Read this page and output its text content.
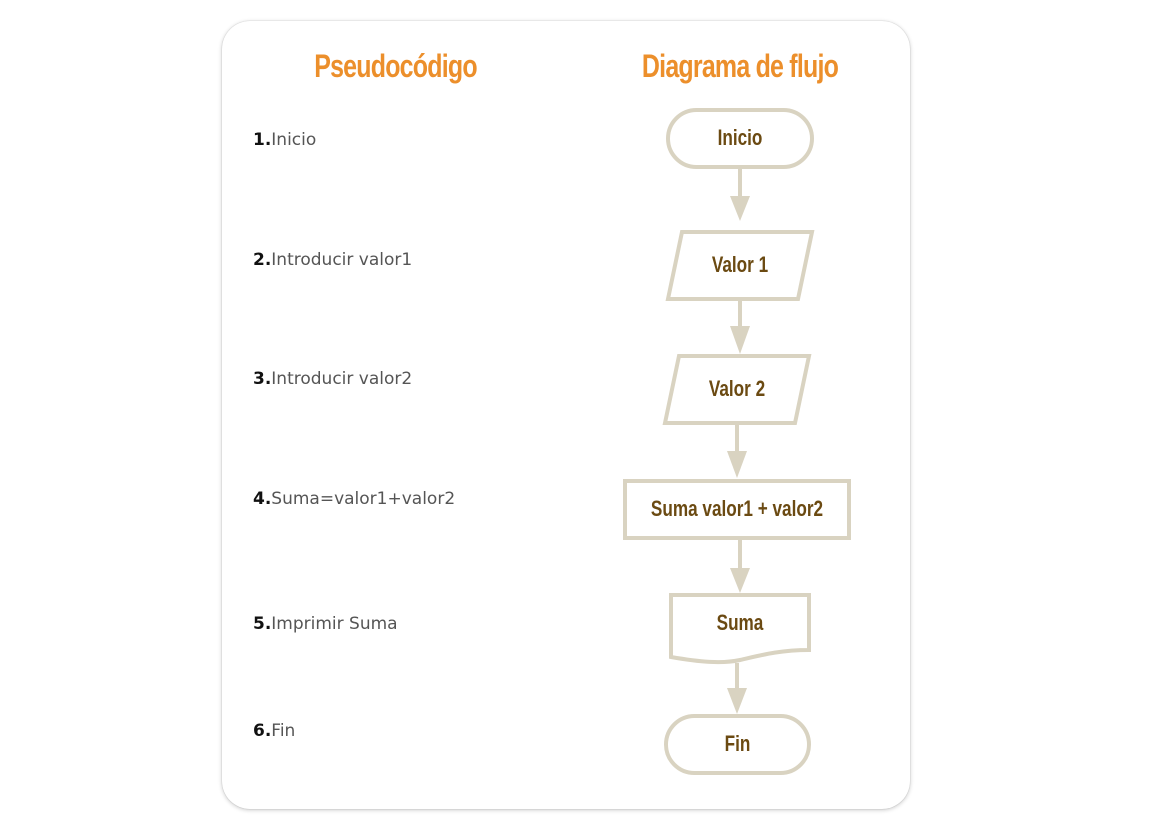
Pseudocódigo	Diagrama de flujo
1.Inicio
2.Introducir valor1
3.Introducir valor2
4.Suma=valor1+valor2
5.Imprimir Suma
6.Fin
Inicio
Valor 1
Valor 2
Suma valor1 + valor2
Suma
Fin
